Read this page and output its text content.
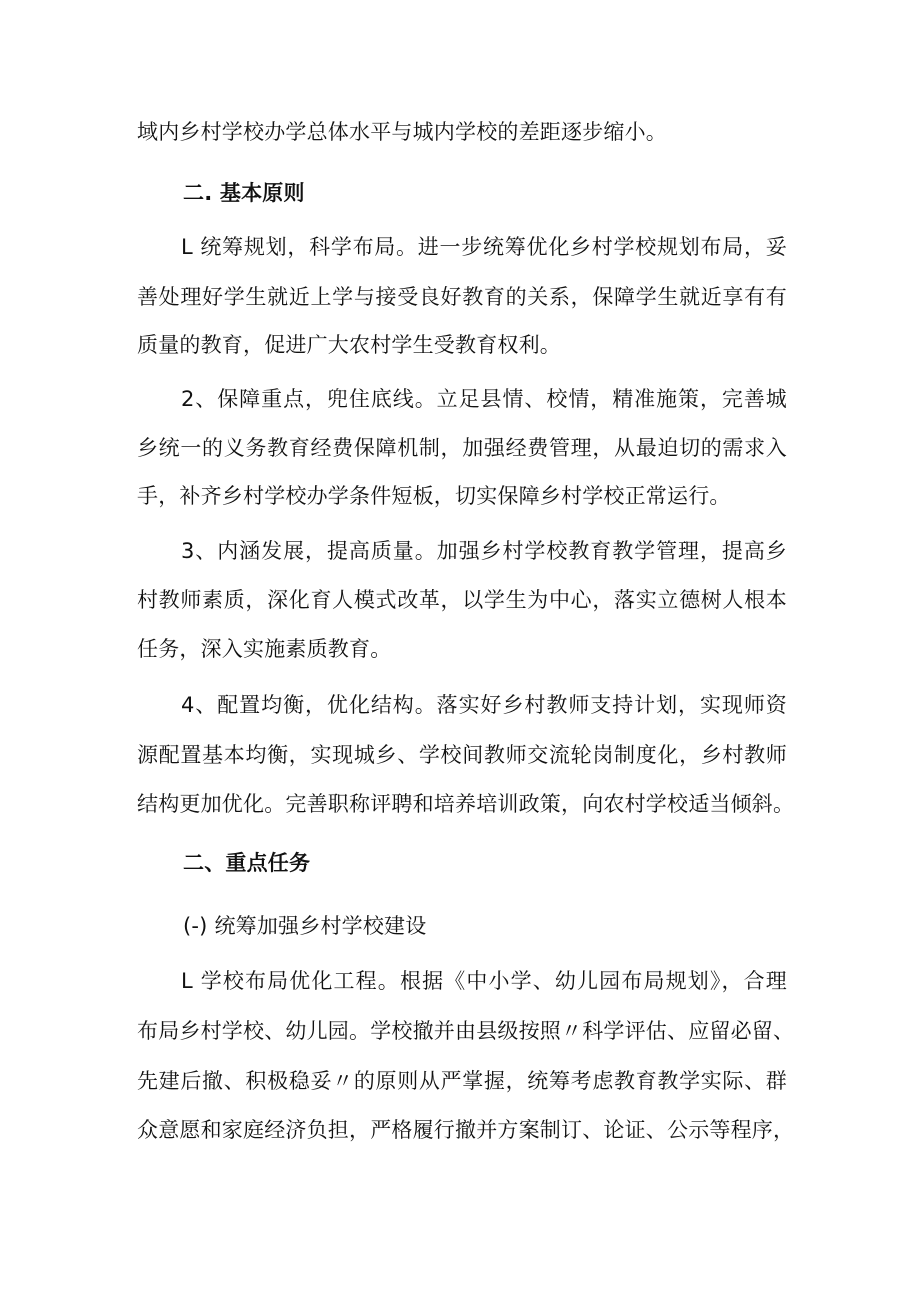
域内乡村学校办学总体水平与城内学校的差距逐步缩小。
二. 基本原则
L 统筹规划，科学布局。进一步统筹优化乡村学校规划布局，妥
善处理好学生就近上学与接受良好教育的关系，保障学生就近享有有
质量的教育，促进广大农村学生受教育权利。
2、保障重点，兜住底线。立足县情、校情，精准施策，完善城
乡统一的义务教育经费保障机制，加强经费管理，从最迫切的需求入
手，补齐乡村学校办学条件短板，切实保障乡村学校正常运行。
3、内涵发展，提高质量。加强乡村学校教育教学管理，提高乡
村教师素质，深化育人模式改革，以学生为中心，落实立德树人根本
任务，深入实施素质教育。
4、配置均衡，优化结构。落实好乡村教师支持计划，实现师资
源配置基本均衡，实现城乡、学校间教师交流轮岗制度化，乡村教师
结构更加优化。完善职称评聘和培养培训政策，向农村学校适当倾斜。
二、重点任务
(-) 统筹加强乡村学校建设
L 学校布局优化工程。根据《中小学、幼儿园布局规划》，合理
布局乡村学校、幼儿园。学校撤并由县级按照〃科学评估、应留必留、
先建后撤、积极稳妥〃的原则从严掌握，统筹考虑教育教学实际、群
众意愿和家庭经济负担，严格履行撤并方案制订、论证、公示等程序，
